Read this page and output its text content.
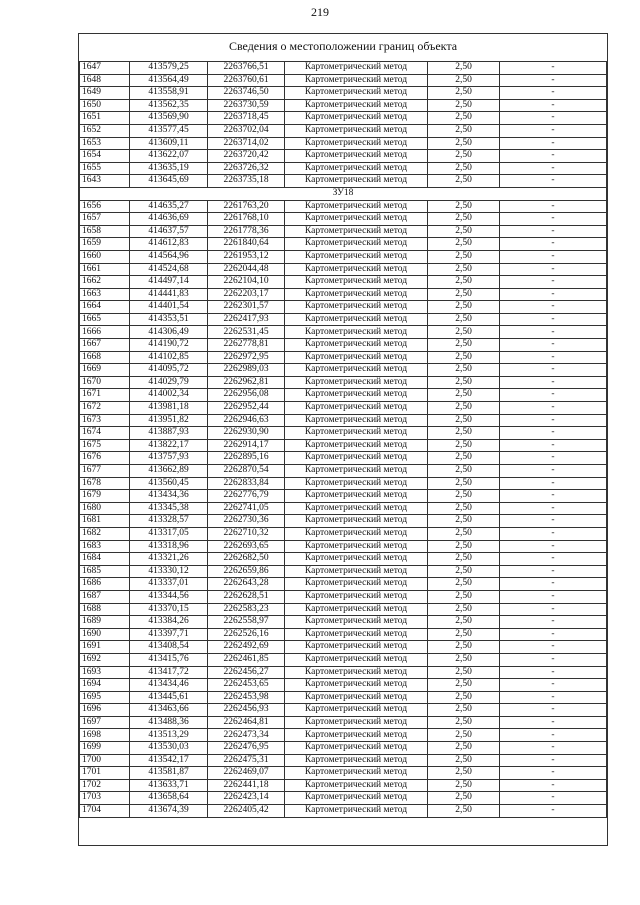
219
Сведения о местоположении границ объекта
1647	413579,25	2263766,51	Картометрический метод	2,50	-
1648	413564,49	2263760,61	Картометрический метод	2,50	-
1649	413558,91	2263746,50	Картометрический метод	2,50	-
1650	413562,35	2263730,59	Картометрический метод	2,50	-
1651	413569,90	2263718,45	Картометрический метод	2,50	-
1652	413577,45	2263702,04	Картометрический метод	2,50	-
1653	413609,11	2263714,02	Картометрический метод	2,50	-
1654	413622,07	2263720,42	Картометрический метод	2,50	-
1655	413635,19	2263726,32	Картометрический метод	2,50	-
1643	413645,69	2263735,18	Картометрический метод	2,50	-
ЗУ18					
1656	414635,27	2261763,20	Картометрический метод	2,50	-
1657	414636,69	2261768,10	Картометрический метод	2,50	-
1658	414637,57	2261778,36	Картометрический метод	2,50	-
1659	414612,83	2261840,64	Картометрический метод	2,50	-
1660	414564,96	2261953,12	Картометрический метод	2,50	-
1661	414524,68	2262044,48	Картометрический метод	2,50	-
1662	414497,14	2262104,10	Картометрический метод	2,50	-
1663	414441,83	2262203,17	Картометрический метод	2,50	-
1664	414401,54	2262301,57	Картометрический метод	2,50	-
1665	414353,51	2262417,93	Картометрический метод	2,50	-
1666	414306,49	2262531,45	Картометрический метод	2,50	-
1667	414190,72	2262778,81	Картометрический метод	2,50	-
1668	414102,85	2262972,95	Картометрический метод	2,50	-
1669	414095,72	2262989,03	Картометрический метод	2,50	-
1670	414029,79	2262962,81	Картометрический метод	2,50	-
1671	414002,34	2262956,08	Картометрический метод	2,50	-
1672	413981,18	2262952,44	Картометрический метод	2,50	-
1673	413951,82	2262946,63	Картометрический метод	2,50	-
1674	413887,93	2262930,90	Картометрический метод	2,50	-
1675	413822,17	2262914,17	Картометрический метод	2,50	-
1676	413757,93	2262895,16	Картометрический метод	2,50	-
1677	413662,89	2262870,54	Картометрический метод	2,50	-
1678	413560,45	2262833,84	Картометрический метод	2,50	-
1679	413434,36	2262776,79	Картометрический метод	2,50	-
1680	413345,38	2262741,05	Картометрический метод	2,50	-
1681	413328,57	2262730,36	Картометрический метод	2,50	-
1682	413317,05	2262710,32	Картометрический метод	2,50	-
1683	413318,96	2262693,65	Картометрический метод	2,50	-
1684	413321,26	2262682,50	Картометрический метод	2,50	-
1685	413330,12	2262659,86	Картометрический метод	2,50	-
1686	413337,01	2262643,28	Картометрический метод	2,50	-
1687	413344,56	2262628,51	Картометрический метод	2,50	-
1688	413370,15	2262583,23	Картометрический метод	2,50	-
1689	413384,26	2262558,97	Картометрический метод	2,50	-
1690	413397,71	2262526,16	Картометрический метод	2,50	-
1691	413408,54	2262492,69	Картометрический метод	2,50	-
1692	413415,76	2262461,85	Картометрический метод	2,50	-
1693	413417,72	2262456,27	Картометрический метод	2,50	-
1694	413434,46	2262453,65	Картометрический метод	2,50	-
1695	413445,61	2262453,98	Картометрический метод	2,50	-
1696	413463,66	2262456,93	Картометрический метод	2,50	-
1697	413488,36	2262464,81	Картометрический метод	2,50	-
1698	413513,29	2262473,34	Картометрический метод	2,50	-
1699	413530,03	2262476,95	Картометрический метод	2,50	-
1700	413542,17	2262475,31	Картометрический метод	2,50	-
1701	413581,87	2262469,07	Картометрический метод	2,50	-
1702	413633,71	2262441,18	Картометрический метод	2,50	-
1703	413658,64	2262423,14	Картометрический метод	2,50	-
1704	413674,39	2262405,42	Картометрический метод	2,50	-
